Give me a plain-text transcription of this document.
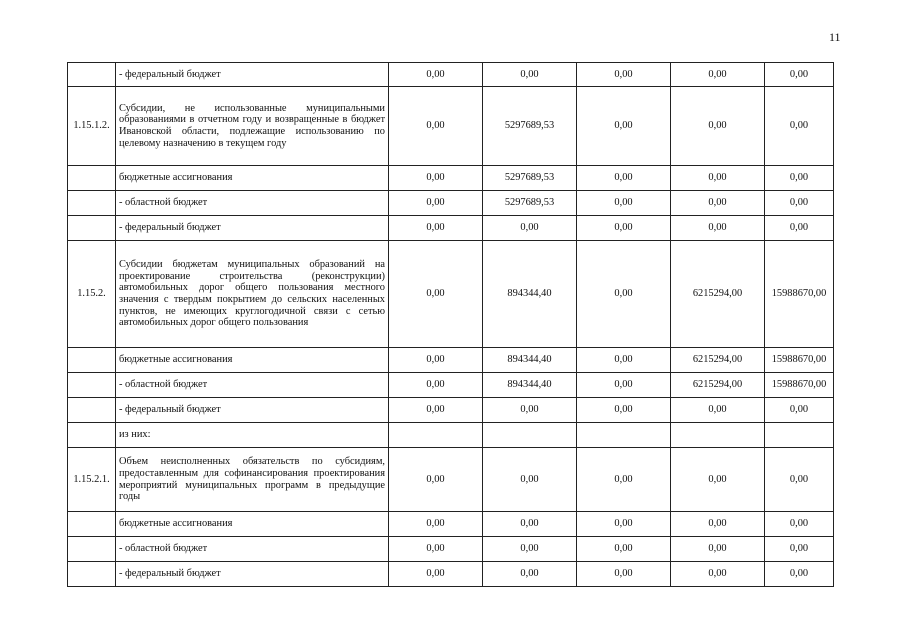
11
	- федеральный бюджет	0,00	0,00	0,00	0,00	0,00
1.15.1.2.	Субсидии, не использованные муниципальными образованиями в отчетном году и возвращенные в бюджет Ивановской области, подлежащие использованию по целевому назначению в текущем году	0,00	5297689,53	0,00	0,00	0,00
	бюджетные ассигнования	0,00	5297689,53	0,00	0,00	0,00
	- областной бюджет	0,00	5297689,53	0,00	0,00	0,00
	- федеральный бюджет	0,00	0,00	0,00	0,00	0,00
1.15.2.	Субсидии бюджетам муниципальных образований на проектирование строительства (реконструкции) автомобильных дорог общего пользования местного значения с твердым покрытием до сельских населенных пунктов, не имеющих круглогодичной связи с сетью автомобильных дорог общего пользования	0,00	894344,40	0,00	6215294,00	15988670,00
	бюджетные ассигнования	0,00	894344,40	0,00	6215294,00	15988670,00
	- областной бюджет	0,00	894344,40	0,00	6215294,00	15988670,00
	- федеральный бюджет	0,00	0,00	0,00	0,00	0,00
	из них:					
1.15.2.1.	Объем неисполненных обязательств по субсидиям, предоставленным для софинансирования проектирования мероприятий муниципальных программ в предыдущие годы	0,00	0,00	0,00	0,00	0,00
	бюджетные ассигнования	0,00	0,00	0,00	0,00	0,00
	- областной бюджет	0,00	0,00	0,00	0,00	0,00
	- федеральный бюджет	0,00	0,00	0,00	0,00	0,00
